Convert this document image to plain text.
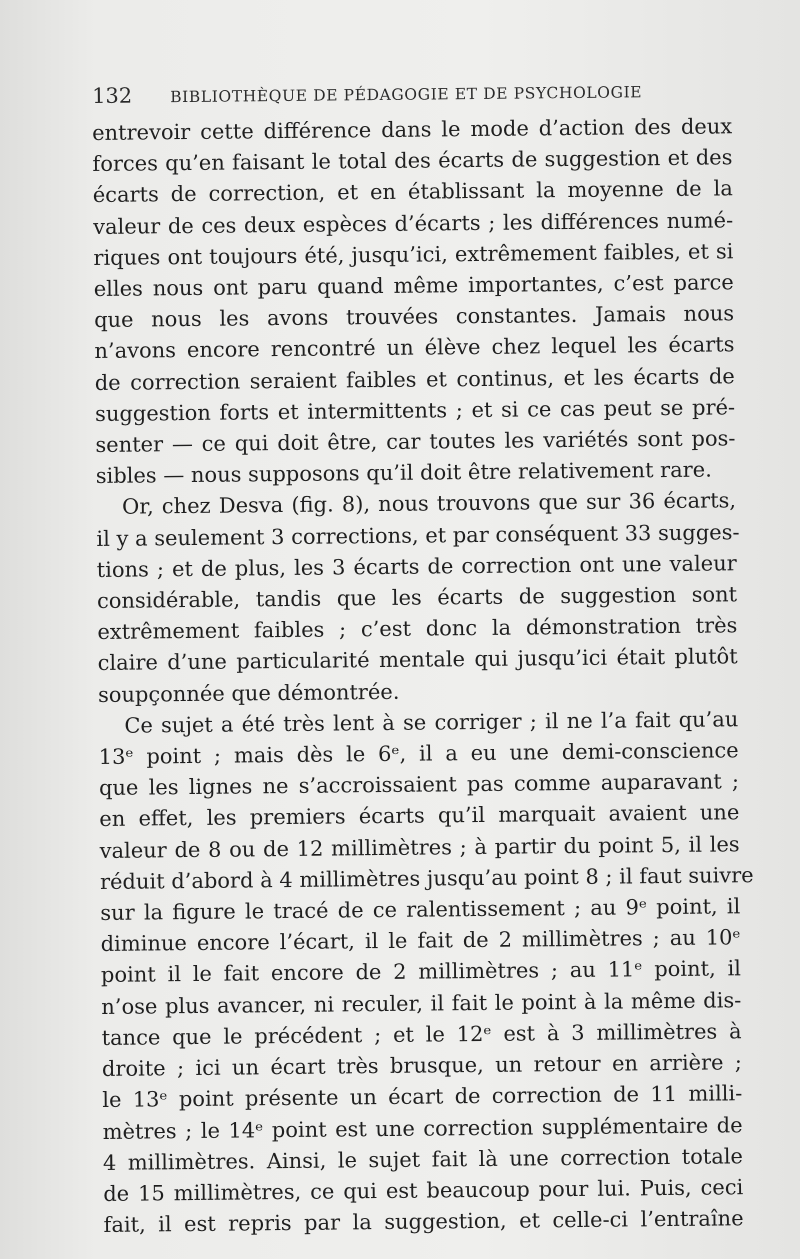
132 BIBLIOTHÈQUE DE PÉDAGOGIE ET DE PSYCHOLOGIE
entrevoir cette différence dans le mode d’action des deux
forces qu’en faisant le total des écarts de suggestion et des
écarts de correction, et en établissant la moyenne de la
valeur de ces deux espèces d’écarts ; les différences numé-
riques ont toujours été, jusqu’ici, extrêmement faibles, et si
elles nous ont paru quand même importantes, c’est parce
que nous les avons trouvées constantes. Jamais nous
n’avons encore rencontré un élève chez lequel les écarts
de correction seraient faibles et continus, et les écarts de
suggestion forts et intermittents ; et si ce cas peut se pré-
senter — ce qui doit être, car toutes les variétés sont pos-
sibles — nous supposons qu’il doit être relativement rare.
Or, chez Desva (fig. 8), nous trouvons que sur 36 écarts,
il y a seulement 3 corrections, et par conséquent 33 sugges-
tions ; et de plus, les 3 écarts de correction ont une valeur
considérable, tandis que les écarts de suggestion sont
extrêmement faibles ; c’est donc la démonstration très
claire d’une particularité mentale qui jusqu’ici était plutôt
soupçonnée que démontrée.
Ce sujet a été très lent à se corriger ; il ne l’a fait qu’au
13ᵉ point ; mais dès le 6ᵉ, il a eu une demi-conscience
que les lignes ne s’accroissaient pas comme auparavant ;
en effet, les premiers écarts qu’il marquait avaient une
valeur de 8 ou de 12 millimètres ; à partir du point 5, il les
réduit d’abord à 4 millimètres jusqu’au point 8 ; il faut suivre
sur la figure le tracé de ce ralentissement ; au 9ᵉ point, il
diminue encore l’écart, il le fait de 2 millimètres ; au 10ᵉ
point il le fait encore de 2 millimètres ; au 11ᵉ point, il
n’ose plus avancer, ni reculer, il fait le point à la même dis-
tance que le précédent ; et le 12ᵉ est à 3 millimètres à
droite ; ici un écart très brusque, un retour en arrière ;
le 13ᵉ point présente un écart de correction de 11 milli-
mètres ; le 14ᵉ point est une correction supplémentaire de
4 millimètres. Ainsi, le sujet fait là une correction totale
de 15 millimètres, ce qui est beaucoup pour lui. Puis, ceci
fait, il est repris par la suggestion, et celle-ci l’entraîne
